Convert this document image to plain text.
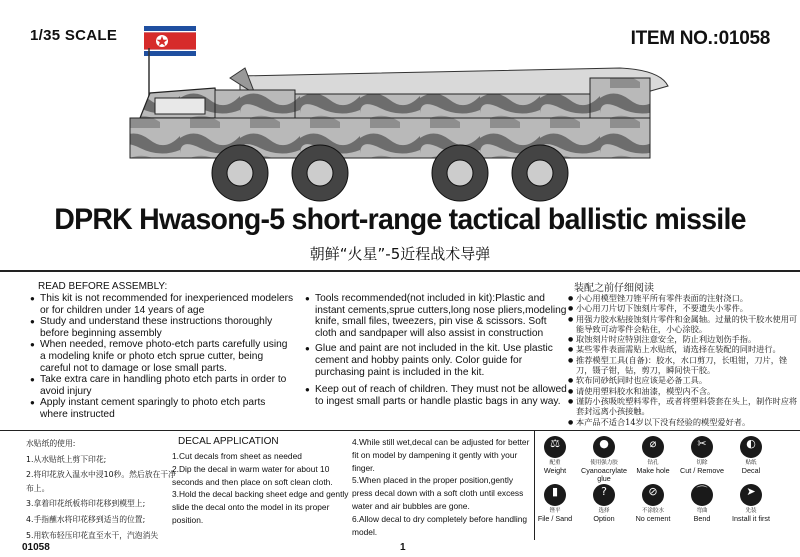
1/35 SCALE	ITEM NO.:01058
DPRK Hwasong-5 short-range tactical ballistic missile
朝鲜“火星”-5近程战术导弹
READ BEFORE ASSEMBLY:	装配之前仔细阅读
● This kit is not recommended for inexperienced modelers or for children under 14 years of age
● Study and understand these instructions thoroughly before beginning assembly
● When needed, remove photo-etch parts carefully using a modeling knife or photo etch sprue cutter, being careful not to damage or lose small parts.
● Take extra care in handling photo etch parts in order to avoid injury
● Apply instant cement sparingly to photo etch parts where instructed
● Tools recommended(not included in kit):Plastic and instant cements,sprue cutters,long nose pliers,modeling knife, small files, tweezers, pin vise & scissors. Soft cloth and sandpaper will also assist in construction
● Glue and paint are not included in the kit. Use plastic cement and hobby paints only. Color guide for purchasing paint is included in the kit.
● Keep out of reach of children. They must not be allowed to ingest small parts or handle plastic bags in any way.
● 小心用模型锉刀锉平所有零件表面的注射浇口。
● 小心用刀片切下蚀刻片零件，不要遗失小零件。
● 用强力胶水粘接蚀刻片零件和金属轴。过量的快干胶水使用可能导致可动零件会粘住，小心涂胶。
● 取蚀刻片时应特别注意安全，防止利边划伤手指。
● 某些零件表面需贴上水贴纸，请选择在装配的同时进行。
● 推荐模型工具(自备)：胶水，水口剪刀，长咀钳，刀片，锉刀，镊子钳，钻，剪刀，瞬间快干胶。
● 软布同砂纸同时也应该是必备工具。
● 请使用塑料胶水和油漆，模型内不含。
● 谨防小孩吸吮塑料零件，或者将塑料袋套在头上，制作时应将套封远离小孩接触。
● 本产品不适合14岁以下没有经验的模型爱好者。
水贴纸的使用:
1.从水贴纸上剪下印花;
2.将印花放入温水中浸10秒。然后放在干净布上。
3.拿着印花纸板将印花移到模型上;
4.手指蘸水将印花移到适当的位置;
5.用软布轻压印花直至水干，汽泡消失
DECAL APPLICATION
1.Cut decals from sheet as needed
2.Dip the decal in warm water for about 10 seconds and then place on soft clean cloth.
3.Hold the decal backing sheet edge and gently slide the decal onto the model in its proper position.
4.While still wet,decal can be adjusted for better fit on model by dampening it gently with your finger.
5.When placed in the proper position,gently press decal down with a soft cloth until excess water and air bubbles are gone.
6.Allow decal to dry completely before handling model.
⚖
配重
Weight
●
使用强力胶
Cyanoacrylate glue
⌀
钻孔
Make hole
✂
切除
Cut / Remove
◐
贴纸
Decal
▮
锉平
File / Sand
?
选择
Option
⊘
不涂胶水
No cement
⌒
弯曲
Bend
➤
先装
Install it first
01058	1
